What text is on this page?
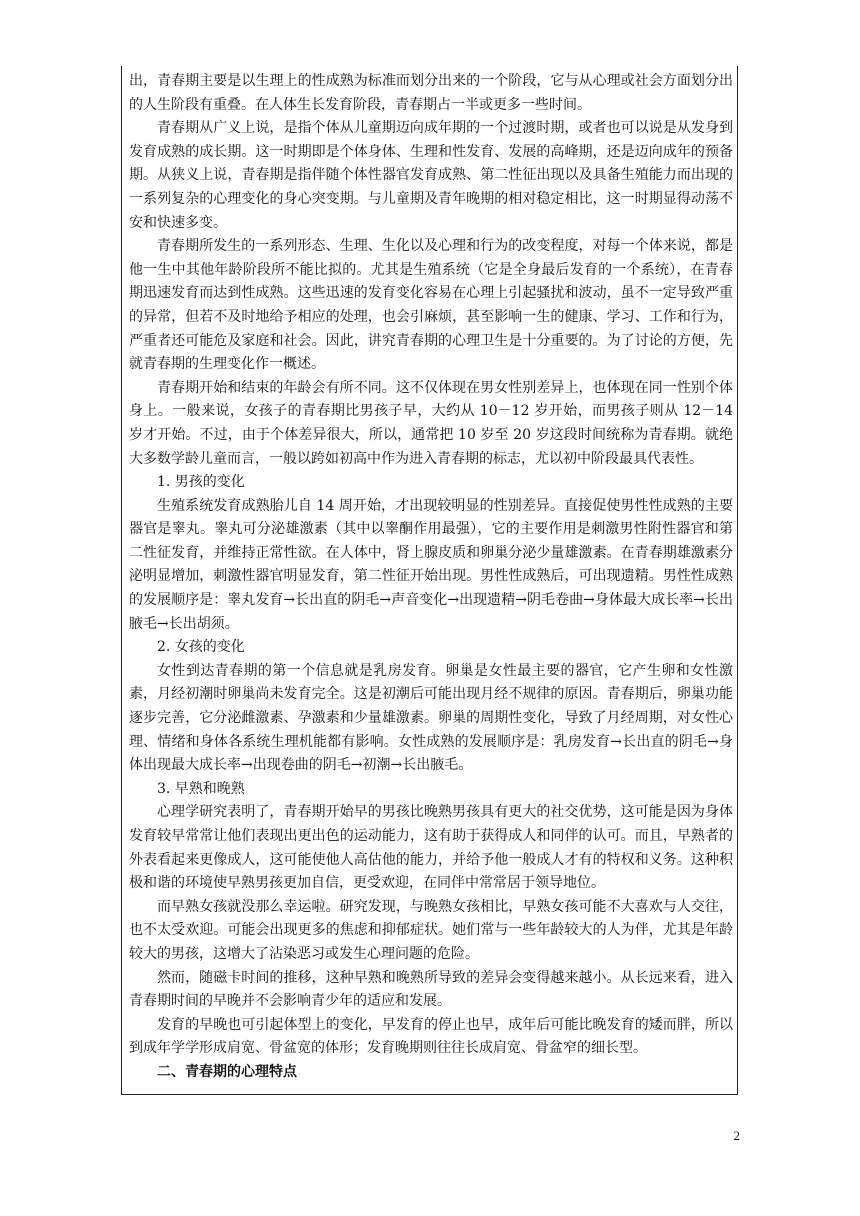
出，青春期主要是以生理上的性成熟为标准而划分出来的一个阶段，它与从心理或社会方面划分出的人生阶段有重叠。在人体生长发育阶段，青春期占一半或更多一些时间。

青春期从广义上说，是指个体从儿童期迈向成年期的一个过渡时期，或者也可以说是从发身到发育成熟的成长期。这一时期即是个体身体、生理和性发育、发展的高峰期，还是迈向成年的预备期。从狭义上说，青春期是指伴随个体性器官发育成熟、第二性征出现以及具备生殖能力而出现的一系列复杂的心理变化的身心突变期。与儿童期及青年晚期的相对稳定相比，这一时期显得动荡不安和快速多变。

青春期所发生的一系列形态、生理、生化以及心理和行为的改变程度，对每一个体来说，都是他一生中其他年龄阶段所不能比拟的。尤其是生殖系统（它是全身最后发育的一个系统），在青春期迅速发育而达到性成熟。这些迅速的发育变化容易在心理上引起骚扰和波动，虽不一定导致严重的异常，但若不及时地给予相应的处理，也会引麻烦，甚至影响一生的健康、学习、工作和行为，严重者还可能危及家庭和社会。因此，讲究青春期的心理卫生是十分重要的。为了讨论的方便，先就青春期的生理变化作一概述。

青春期开始和结束的年龄会有所不同。这不仅体现在男女性别差异上，也体现在同一性别个体身上。一般来说，女孩子的青春期比男孩子早，大约从 10－12 岁开始，而男孩子则从 12－14 岁才开始。不过，由于个体差异很大，所以，通常把 10 岁至 20 岁这段时间统称为青春期。就绝大多数学龄儿童而言，一般以跨如初高中作为进入青春期的标志，尤以初中阶段最具代表性。

1. 男孩的变化

生殖系统发育成熟胎儿自 14 周开始，才出现较明显的性别差异。直接促使男性性成熟的主要器官是睾丸。睾丸可分泌雄激素（其中以睾酮作用最强），它的主要作用是刺激男性附性器官和第二性征发育，并维持正常性欲。在人体中，肾上腺皮质和卵巢分泌少量雄激素。在青春期雄激素分泌明显增加，刺激性器官明显发育，第二性征开始出现。男性性成熟后，可出现遗精。男性性成熟的发展顺序是：睾丸发育→长出直的阴毛→声音变化→出现遗精→阴毛卷曲→身体最大成长率→长出腋毛→长出胡须。

2. 女孩的变化

女性到达青春期的第一个信息就是乳房发育。卵巢是女性最主要的器官，它产生卵和女性激素，月经初潮时卵巢尚未发育完全。这是初潮后可能出现月经不规律的原因。青春期后，卵巢功能逐步完善，它分泌雌激素、孕激素和少量雄激素。卵巢的周期性变化，导致了月经周期，对女性心理、情绪和身体各系统生理机能都有影响。女性成熟的发展顺序是：乳房发育→长出直的阴毛→身体出现最大成长率→出现卷曲的阴毛→初潮→长出腋毛。

3. 早熟和晚熟

心理学研究表明了，青春期开始早的男孩比晚熟男孩具有更大的社交优势，这可能是因为身体发育较早常常让他们表现出更出色的运动能力，这有助于获得成人和同伴的认可。而且，早熟者的外表看起来更像成人，这可能使他人高估他的能力，并给予他一般成人才有的特权和义务。这种积极和谐的环境使早熟男孩更加自信，更受欢迎，在同伴中常常居于领导地位。

而早熟女孩就没那么幸运啦。研究发现，与晚熟女孩相比，早熟女孩可能不大喜欢与人交往，也不太受欢迎。可能会出现更多的焦虑和抑郁症状。她们常与一些年龄较大的人为伴，尤其是年龄较大的男孩，这增大了沾染恶习或发生心理问题的危险。

然而，随磁卡时间的推移，这种早熟和晚熟所导致的差异会变得越来越小。从长远来看，进入青春期时间的早晚并不会影响青少年的适应和发展。

发育的早晚也可引起体型上的变化，早发育的停止也早，成年后可能比晚发育的矮而胖，所以到成年学学形成肩宽、骨盆宽的体形；发育晚期则往往长成肩宽、骨盆窄的细长型。

二、青春期的心理特点

2
